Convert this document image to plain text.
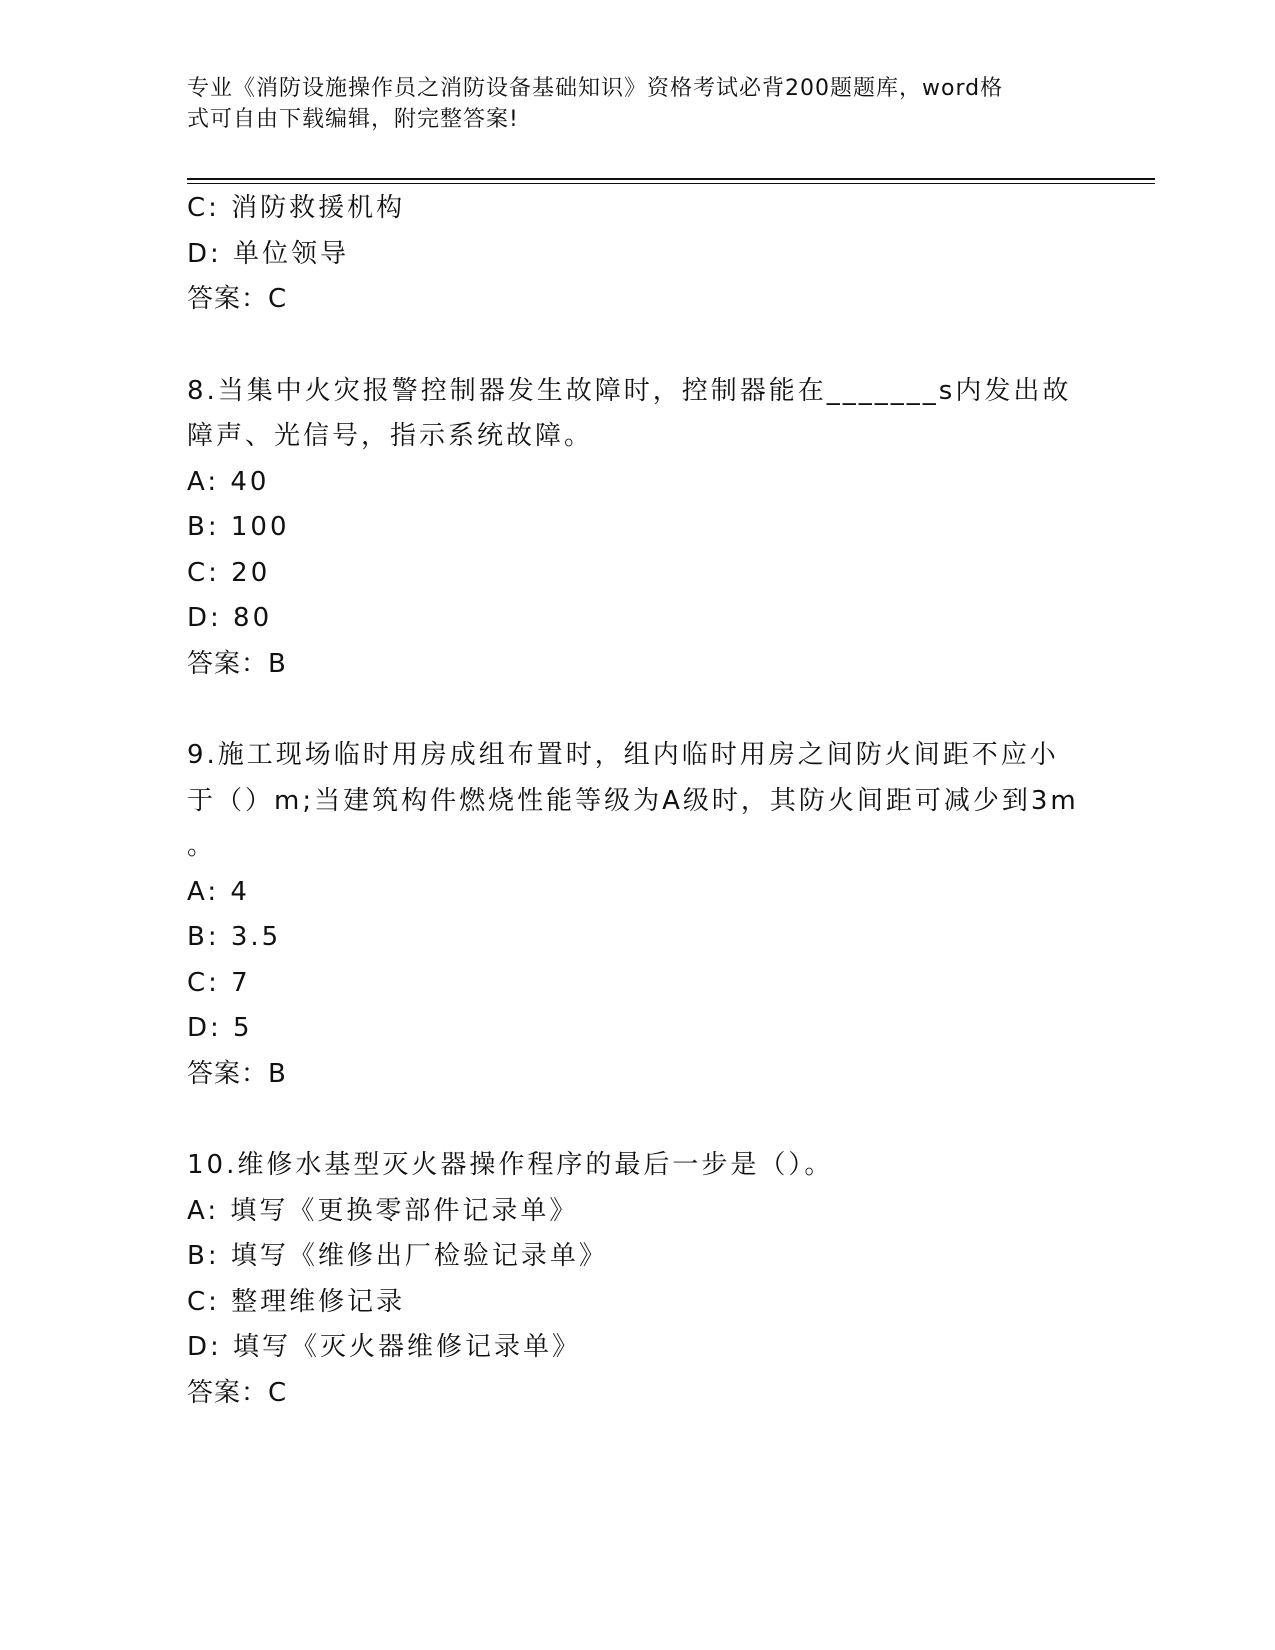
专业《消防设施操作员之消防设备基础知识》资格考试必背200题题库，word格
式可自由下载编辑，附完整答案!
C: 消防救援机构
D: 单位领导
答案：C
8.当集中火灾报警控制器发生故障时，控制器能在_______s内发出故
障声、光信号，指示系统故障。
A: 40
B: 100
C: 20
D: 80
答案：B
9.施工现场临时用房成组布置时，组内临时用房之间防火间距不应小
于（）m;当建筑构件燃烧性能等级为A级时，其防火间距可减少到3m
。
A: 4
B: 3.5
C: 7
D: 5
答案：B
10.维修水基型灭火器操作程序的最后一步是（）。
A: 填写《更换零部件记录单》
B: 填写《维修出厂检验记录单》
C: 整理维修记录
D: 填写《灭火器维修记录单》
答案：C
